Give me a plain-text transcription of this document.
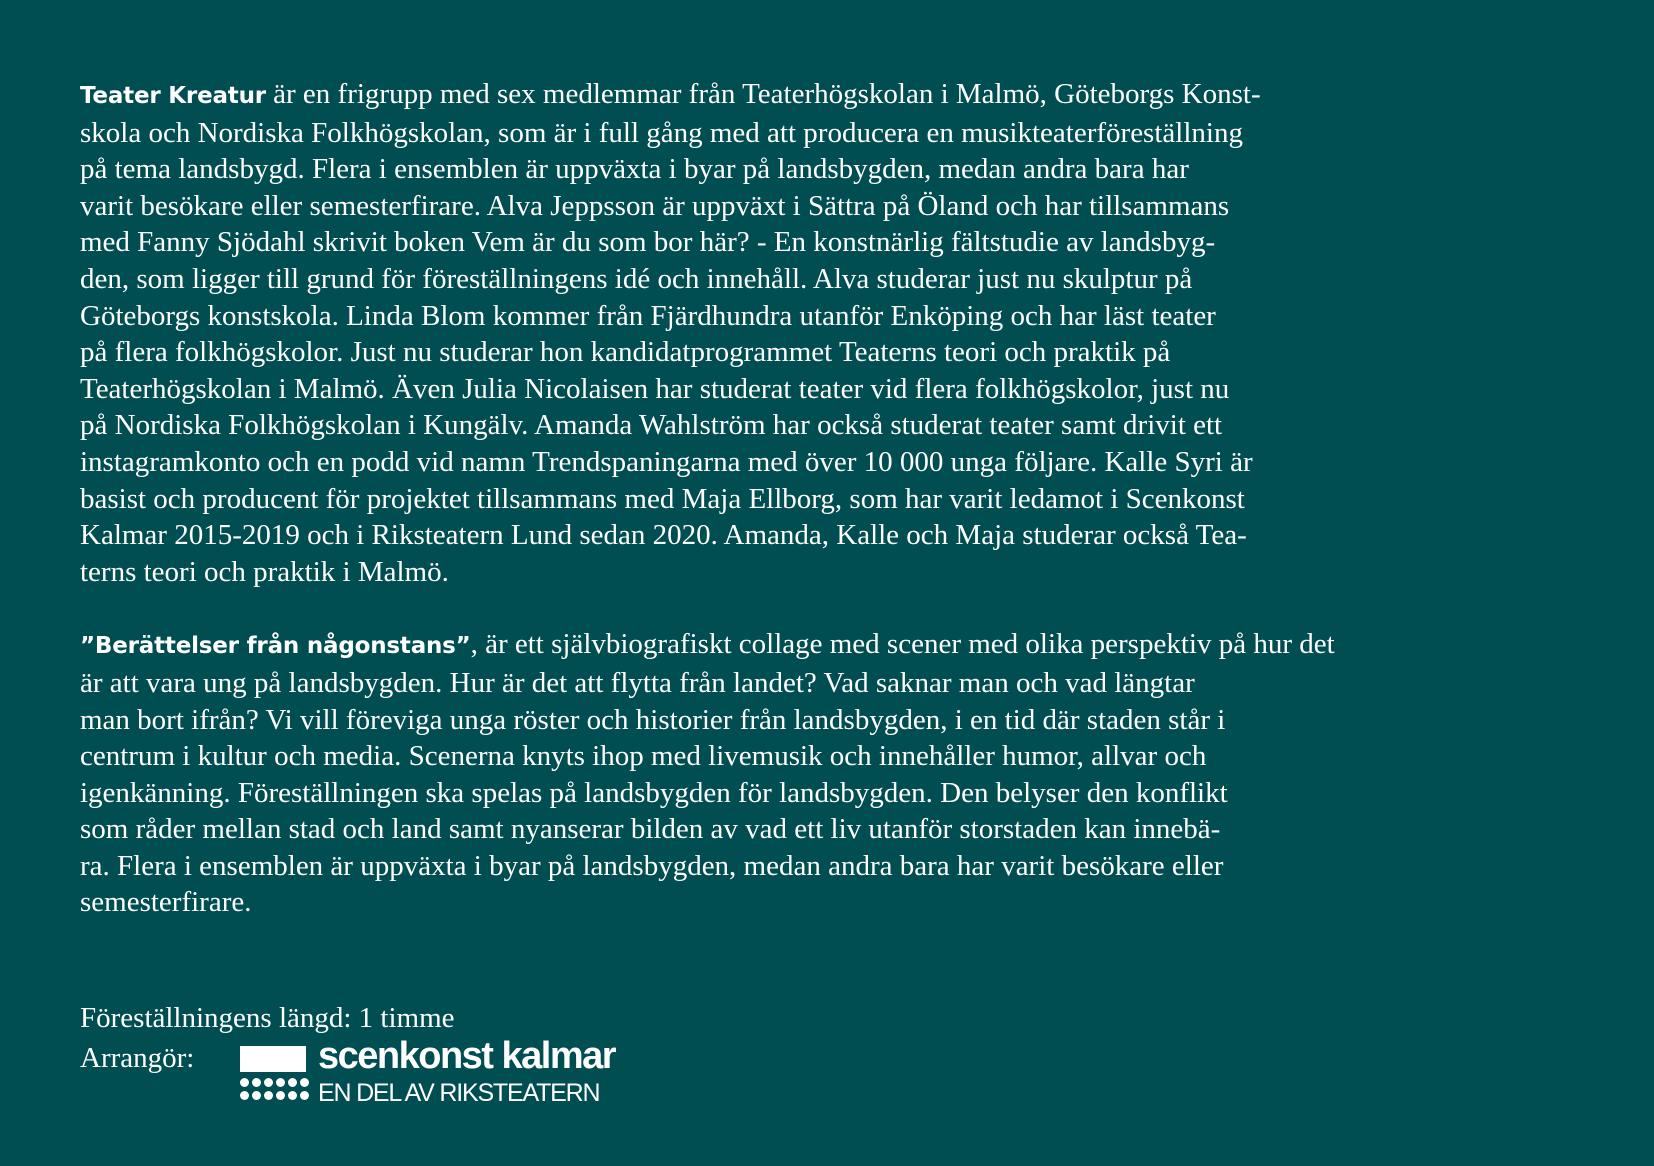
Teater Kreatur är en frigrupp med sex medlemmar från Teaterhögskolan i Malmö, Göteborgs Konst-
skola och Nordiska Folkhögskolan, som är i full gång med att producera en musikteaterföreställning
på tema landsbygd. Flera i ensemblen är uppväxta i byar på landsbygden, medan andra bara har
varit besökare eller semesterfirare. Alva Jeppsson är uppväxt i Sättra på Öland och har tillsammans
med Fanny Sjödahl skrivit boken Vem är du som bor här? - En konstnärlig fältstudie av landsbyg-
den, som ligger till grund för föreställningens idé och innehåll. Alva studerar just nu skulptur på
Göteborgs konstskola. Linda Blom kommer från Fjärdhundra utanför Enköping och har läst teater
på flera folkhögskolor. Just nu studerar hon kandidatprogrammet Teaterns teori och praktik på
Teaterhögskolan i Malmö. Även Julia Nicolaisen har studerat teater vid flera folkhögskolor, just nu
på Nordiska Folkhögskolan i Kungälv. Amanda Wahlström har också studerat teater samt drivit ett
instagramkonto och en podd vid namn Trendspaningarna med över 10 000 unga följare. Kalle Syri är
basist och producent för projektet tillsammans med Maja Ellborg, som har varit ledamot i Scenkonst
Kalmar 2015-2019 och i Riksteatern Lund sedan 2020. Amanda, Kalle och Maja studerar också Tea-
terns teori och praktik i Malmö.

”Berättelser från någonstans”, är ett självbiografiskt collage med scener med olika perspektiv på hur det
är att vara ung på landsbygden. Hur är det att flytta från landet? Vad saknar man och vad längtar
man bort ifrån? Vi vill föreviga unga röster och historier från landsbygden, i en tid där staden står i
centrum i kultur och media. Scenerna knyts ihop med livemusik och innehåller humor, allvar och
igenkänning. Föreställningen ska spelas på landsbygden för landsbygden. Den belyser den konflikt
som råder mellan stad och land samt nyanserar bilden av vad ett liv utanför storstaden kan innebä-
ra. Flera i ensemblen är uppväxta i byar på landsbygden, medan andra bara har varit besökare eller
semesterfirare.

Föreställningens längd: 1 timme
Arrangör:	scenkonst kalmar
EN DEL AV RIKSTEATERN
